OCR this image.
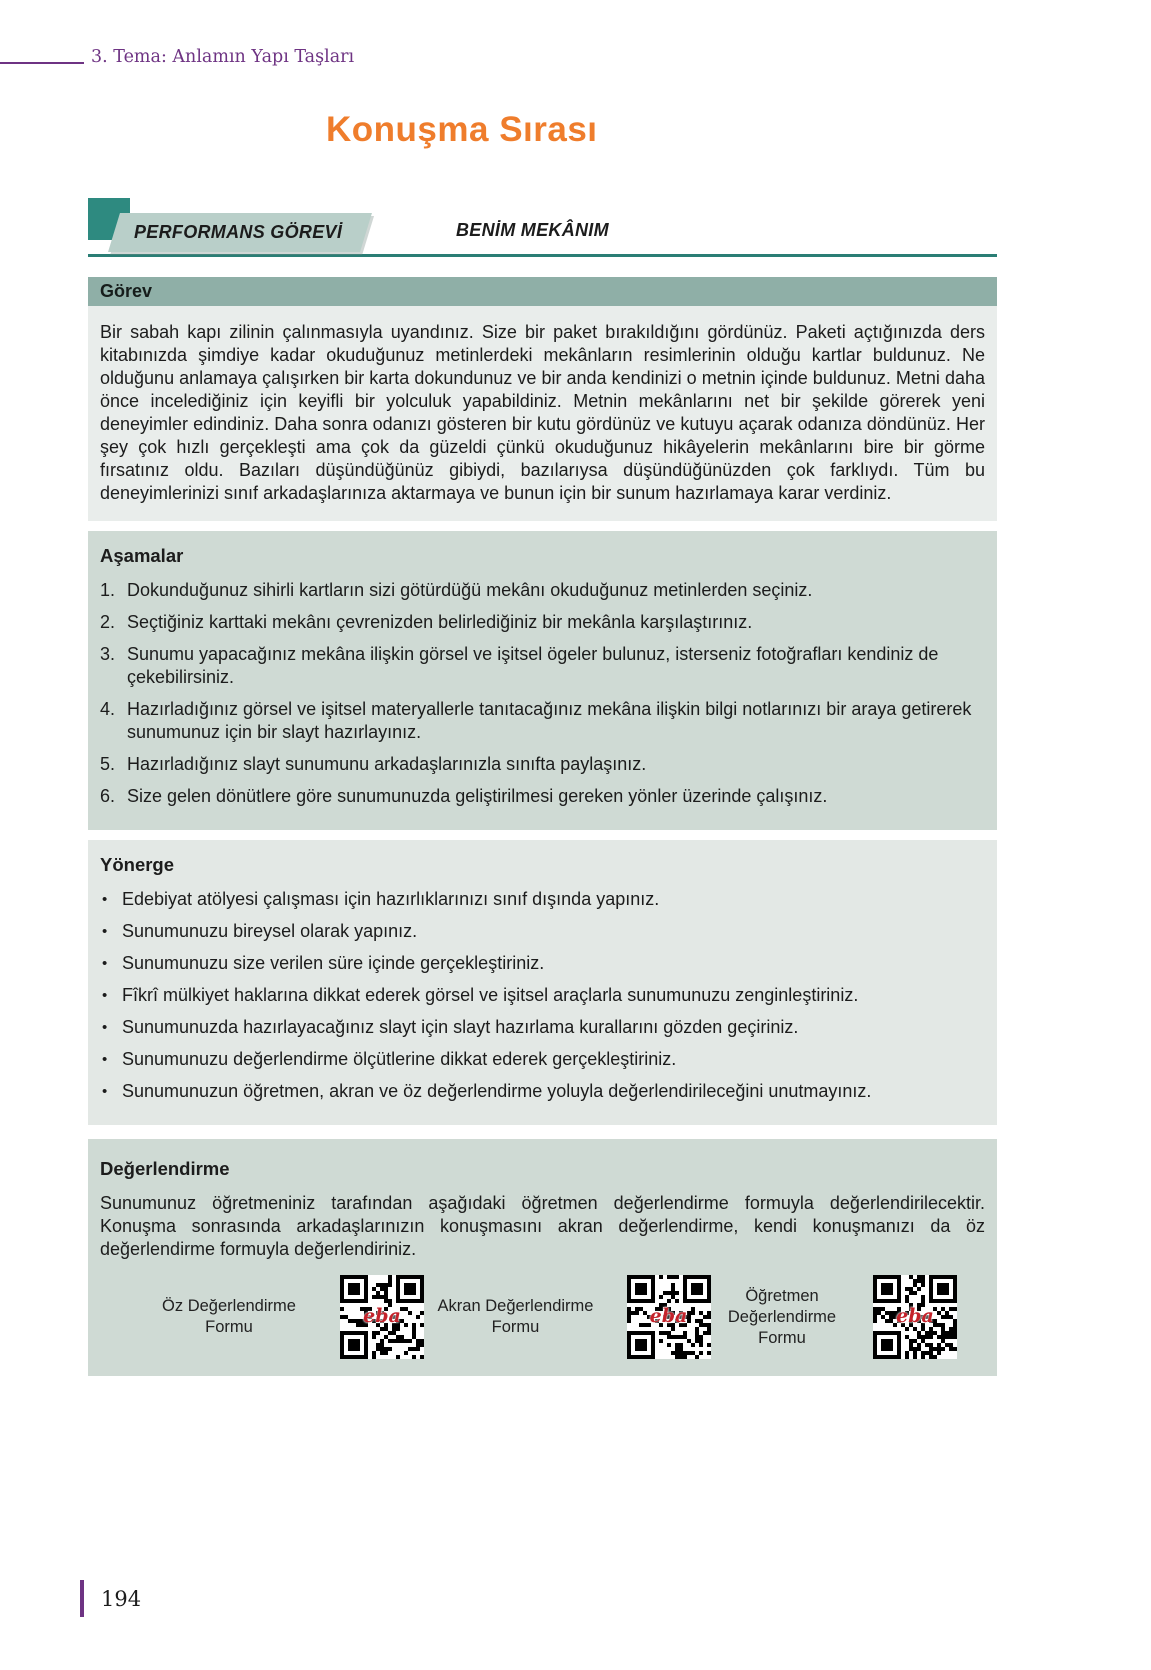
3. Tema: Anlamın Yapı Taşları
Konuşma Sırası
PERFORMANS GÖREVİ	BENİM MEKÂNIM
Görev
Bir sabah kapı zilinin çalınmasıyla uyandınız. Size bir paket bırakıldığını gördünüz. Paketi açtığınızda ders kitabınızda şimdiye kadar okuduğunuz metinlerdeki mekânların resimlerinin olduğu kartlar buldunuz. Ne olduğunu anlamaya çalışırken bir karta dokundunuz ve bir anda kendinizi o metnin içinde buldunuz. Metni daha önce incelediğiniz için keyifli bir yolculuk yapabildiniz. Metnin mekânlarını net bir şekilde görerek yeni deneyimler edindiniz. Daha sonra odanızı gösteren bir kutu gördünüz ve kutuyu açarak odanıza döndünüz. Her şey çok hızlı gerçekleşti ama çok da güzeldi çünkü okuduğunuz hikâyelerin mekânlarını bire bir görme fırsatınız oldu. Bazıları düşündüğünüz gibiydi, bazılarıysa düşündüğünüzden çok farklıydı. Tüm bu deneyimlerinizi sınıf arkadaşlarınıza aktarmaya ve bunun için bir sunum hazırlamaya karar verdiniz.
Aşamalar
1. Dokunduğunuz sihirli kartların sizi götürdüğü mekânı okuduğunuz metinlerden seçiniz.
2. Seçtiğiniz karttaki mekânı çevrenizden belirlediğiniz bir mekânla karşılaştırınız.
3. Sunumu yapacağınız mekâna ilişkin görsel ve işitsel ögeler bulunuz, isterseniz fotoğrafları kendiniz de çekebilirsiniz.
4. Hazırladığınız görsel ve işitsel materyallerle tanıtacağınız mekâna ilişkin bilgi notlarınızı bir araya getirerek sunumunuz için bir slayt hazırlayınız.
5. Hazırladığınız slayt sunumunu arkadaşlarınızla sınıfta paylaşınız.
6. Size gelen dönütlere göre sunumunuzda geliştirilmesi gereken yönler üzerinde çalışınız.
Yönerge
• Edebiyat atölyesi çalışması için hazırlıklarınızı sınıf dışında yapınız.
• Sunumunuzu bireysel olarak yapınız.
• Sunumunuzu size verilen süre içinde gerçekleştiriniz.
• Fîkrî mülkiyet haklarına dikkat ederek görsel ve işitsel araçlarla sunumunuzu zenginleştiriniz.
• Sunumunuzda hazırlayacağınız slayt için slayt hazırlama kurallarını gözden geçiriniz.
• Sunumunuzu değerlendirme ölçütlerine dikkat ederek gerçekleştiriniz.
• Sunumunuzun öğretmen, akran ve öz değerlendirme yoluyla değerlendirileceğini unutmayınız.
Değerlendirme
Sunumunuz öğretmeniniz tarafından aşağıdaki öğretmen değerlendirme formuyla değerlendirilecektir. Konuşma sonrasında arkadaşlarınızın konuşmasını akran değerlendirme, kendi konuşmanızı da öz değerlendirme formuyla değerlendiriniz.
Öz Değerlendirme Formu	eba	Akran Değerlendirme Formu	eba
Öğretmen Değerlendirme Formu
eba
194
